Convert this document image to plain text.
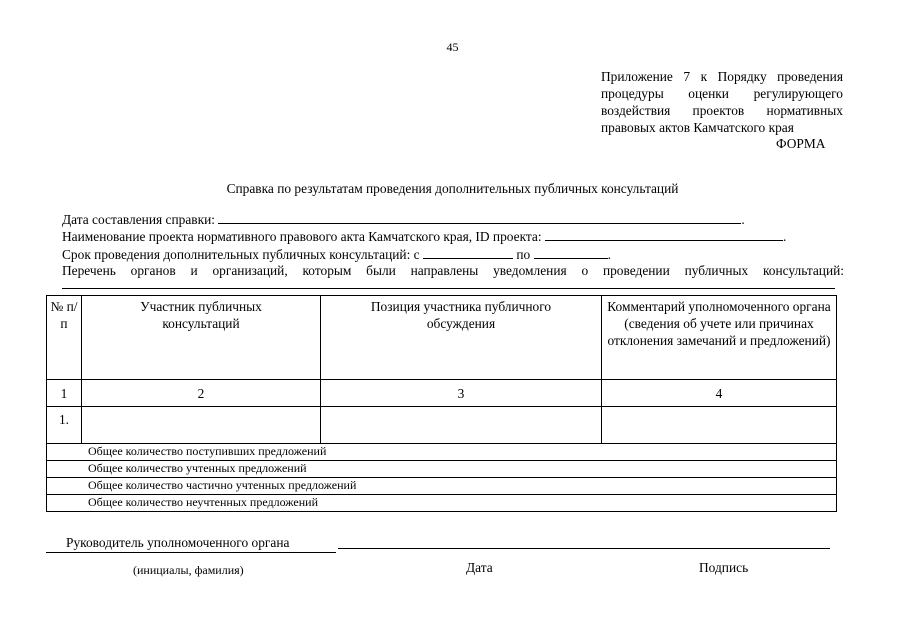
45
Приложение 7 к Порядку проведения
процедуры оценки регулирующего
воздействия проектов нормативных
правовых актов Камчатского края
ФОРМА
Справка по результатам проведения дополнительных публичных консультаций
Дата составления справки:	.
Наименование проекта нормативного правового акта Камчатского края, ID проекта:	.
Срок проведения дополнительных публичных консультаций: с	по	.
Перечень органов и организаций, которым были направлены уведомления о проведении публичных консультаций:
№ п/п	Участник публичных консультаций	Позиция участника публичного обсуждения	Комментарий уполномоченного органа (сведения об учете или причинах отклонения замечаний и предложений)
1	2	3	4
1.			
Общее количество поступивших предложений			
Общее количество учтенных предложений			
Общее количество частично учтенных предложений			
Общее количество неучтенных предложений			
Руководитель уполномоченного органа
(инициалы, фамилия)	Дата	Подпись
